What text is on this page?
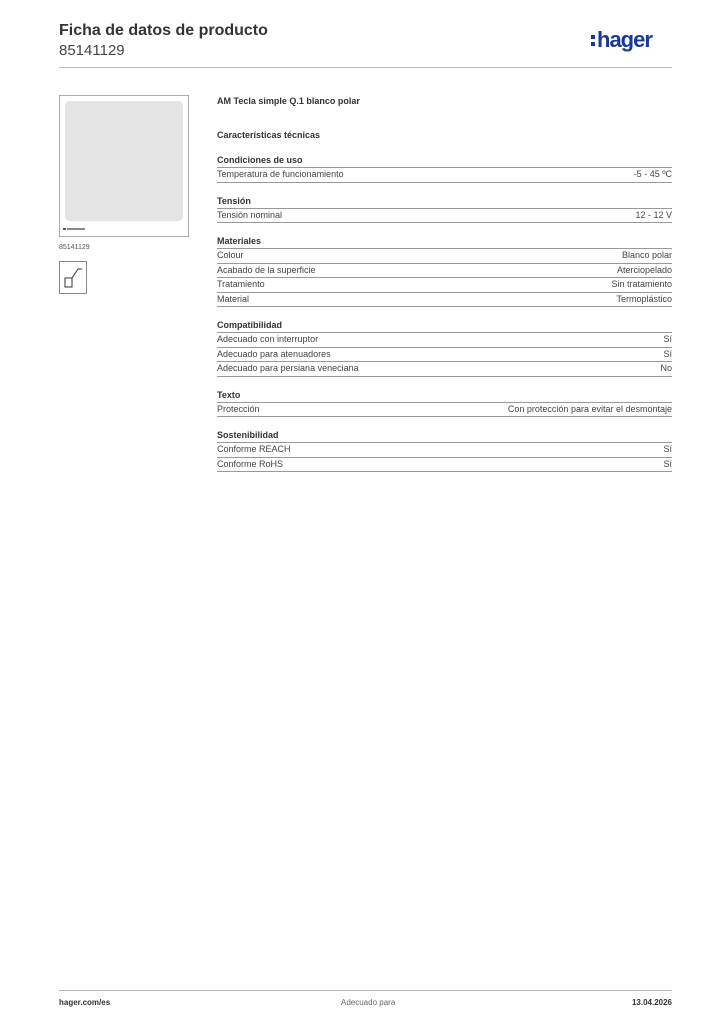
Ficha de datos de producto
85141129	hager
85141129
AM Tecla simple Q.1 blanco polar
Características técnicas
Condiciones de uso
Temperatura de funcionamiento	-5 - 45 ºC
Tensión
Tensión nominal	12 - 12 V
Materiales
Colour	Blanco polar
Acabado de la superficie	Aterciopelado
Tratamiento	Sin tratamiento
Material	Termoplástico
Compatibilidad
Adecuado con interruptor	Sí
Adecuado para atenuadores	Sí
Adecuado para persiana veneciana	No
Texto
Protección	Con protección para evitar el desmontaje
Sostenibilidad
Conforme REACH	Sí
Conforme RoHS	Sí
hager.com/es	Adecuado para	13.04.2026
